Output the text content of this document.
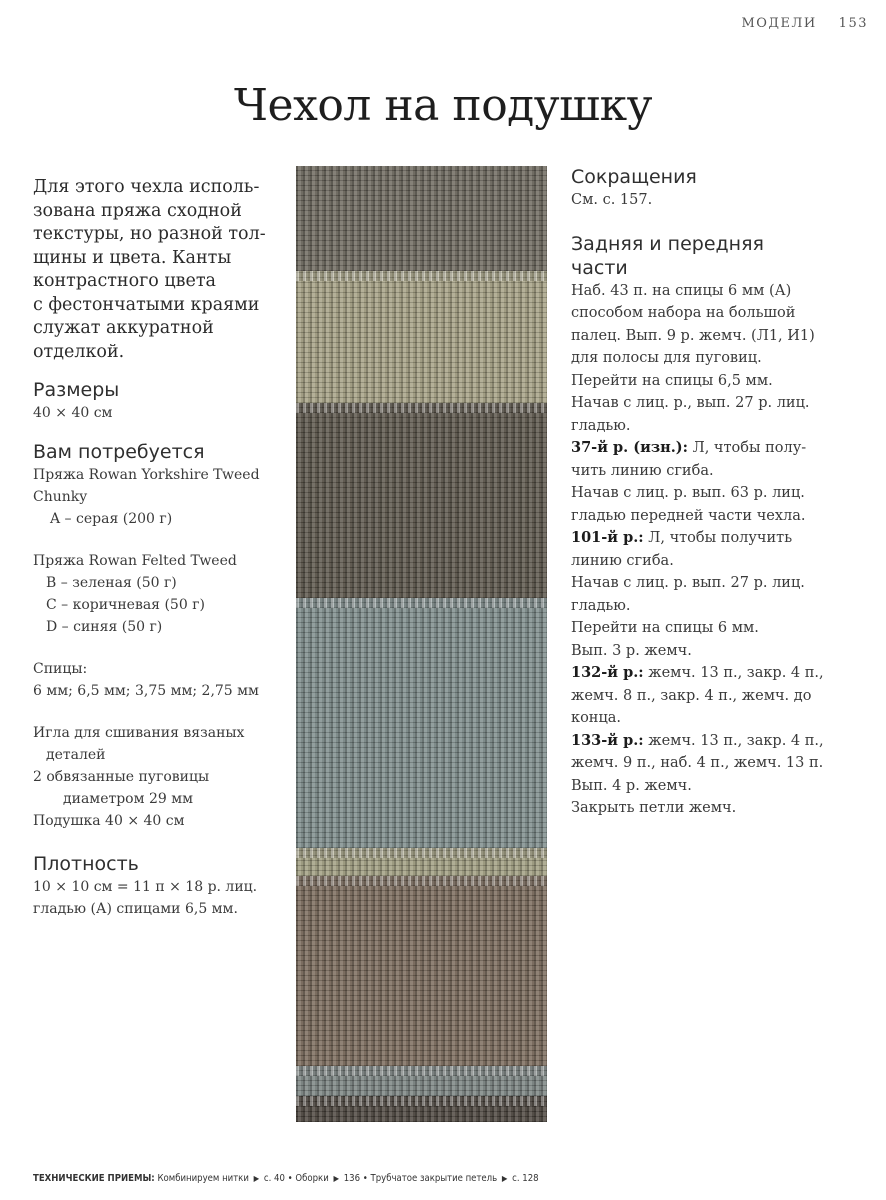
МОДЕЛИ 153
Чехол на подушку

Для этого чехла исполь-
зована пряжа сходной
текстуры, но разной тол-
щины и цвета. Канты
контрастного цвета
с фестончатыми краями
служат аккуратной
отделкой.

Размеры

40 × 40 см

Вам потребуется

Пряжа Rowan Yorkshire Tweed
Chunky

A – серая (200 г)

Пряжа Rowan Felted Tweed

B – зеленая (50 г)

C – коричневая (50 г)

D – синяя (50 г)

Спицы:

6 мм; 6,5 мм; 3,75 мм; 2,75 мм

Игла для сшивания вязаных
деталей

2 обвязанные пуговицы
диаметром 29 мм

Подушка 40 × 40 см

Плотность

10 × 10 см = 11 п × 18 р. лиц.
гладью (А) спицами 6,5 мм.

Сокращения

См. с. 157.

Задняя и передняя
части

Наб. 43 п. на спицы 6 мм (А)

способом набора на большой

палец. Вып. 9 р. жемч. (Л1, И1)

для полосы для пуговиц.

Перейти на спицы 6,5 мм.

Начав с лиц. р., вып. 27 р. лиц.

гладью.

37-й р. (изн.): Л, чтобы полу-

чить линию сгиба.

Начав с лиц. р. вып. 63 р. лиц.

гладью передней части чехла.

101-й р.: Л, чтобы получить

линию сгиба.

Начав с лиц. р. вып. 27 р. лиц.

гладью.

Перейти на спицы 6 мм.

Вып. 3 р. жемч.

132-й р.: жемч. 13 п., закр. 4 п.,

жемч. 8 п., закр. 4 п., жемч. до

конца.

133-й р.: жемч. 13 п., закр. 4 п.,

жемч. 9 п., наб. 4 п., жемч. 13 п.

Вып. 4 р. жемч.

Закрыть петли жемч.

ТЕХНИЧЕСКИЕ ПРИЕМЫ: Комбинируем нитки ▶ c. 40 • Оборки ▶ 136 • Трубчатое закрытие петель ▶ c. 128
